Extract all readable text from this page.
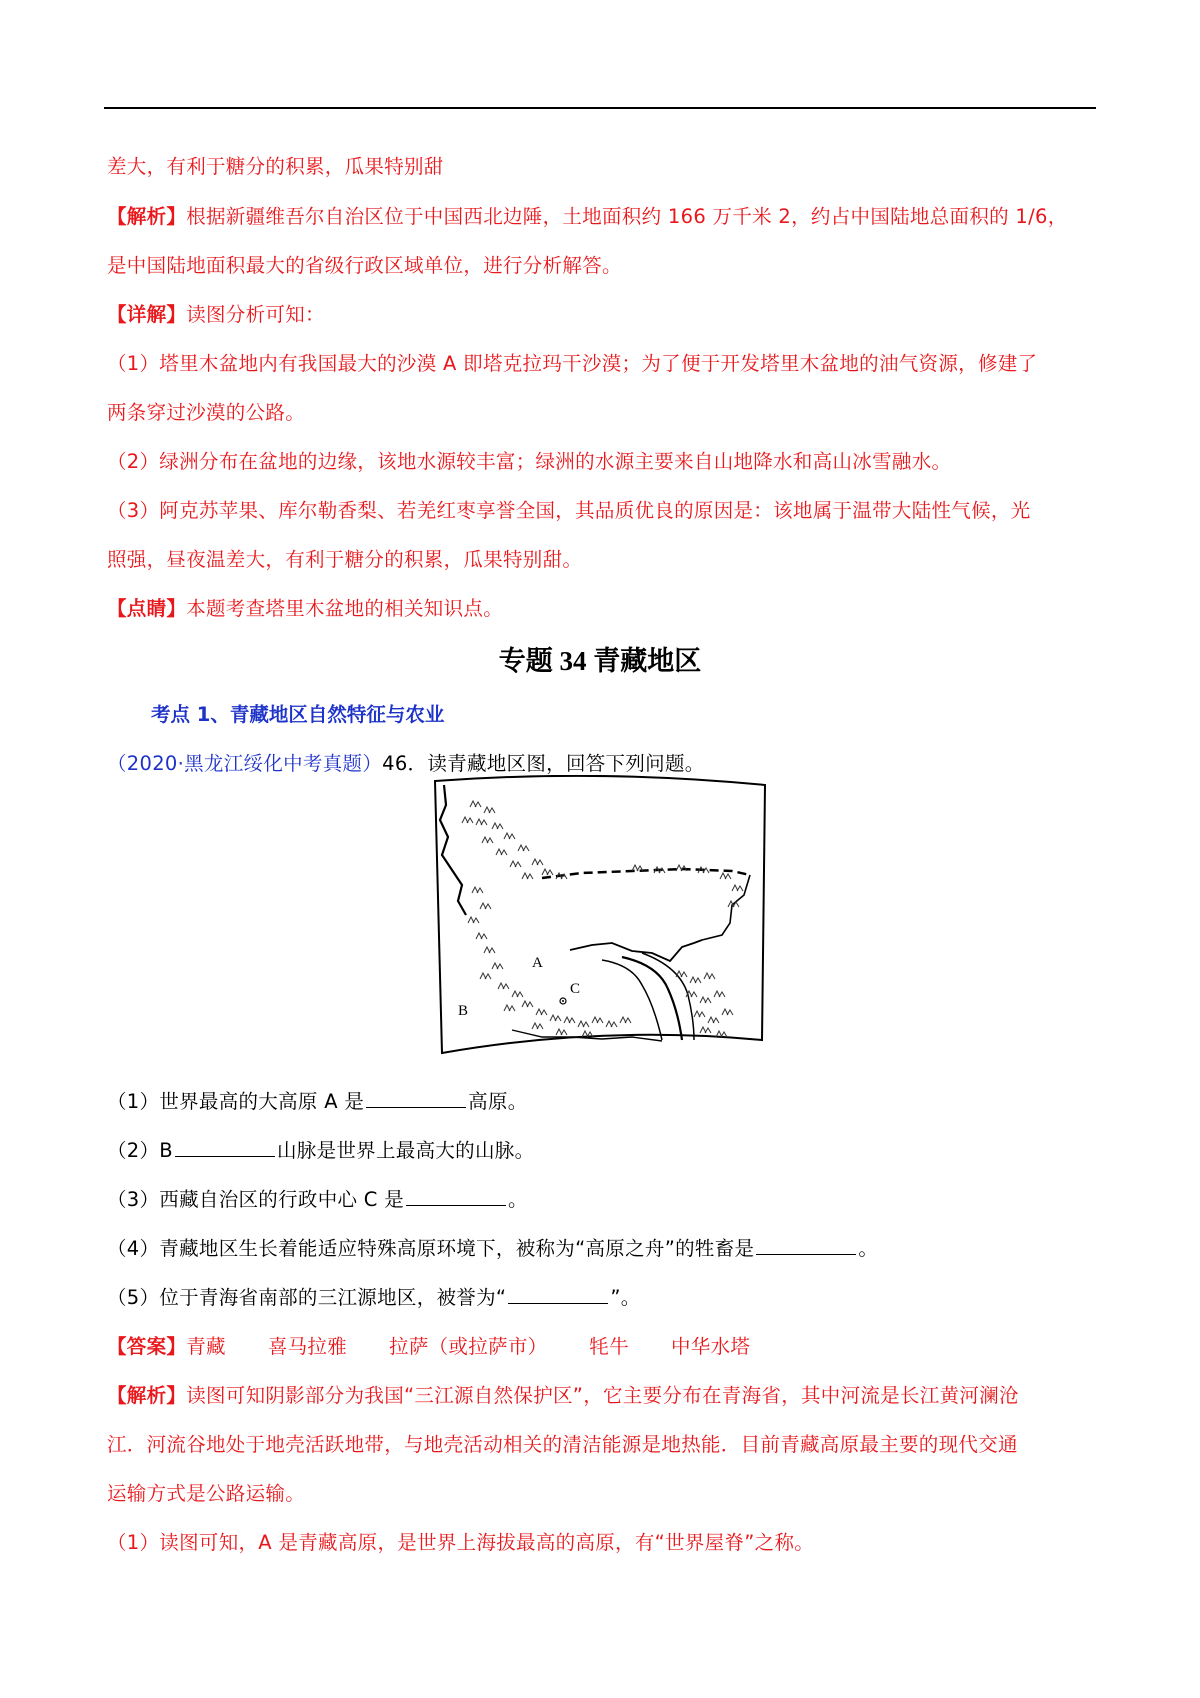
差大，有利于糖分的积累，瓜果特别甜
【解析】根据新疆维吾尔自治区位于中国西北边陲，土地面积约 166 万千米 2，约占中国陆地总面积的 1/6，
是中国陆地面积最大的省级行政区域单位，进行分析解答。
【详解】读图分析可知：
（1）塔里木盆地内有我国最大的沙漠 A 即塔克拉玛干沙漠；为了便于开发塔里木盆地的油气资源，修建了
两条穿过沙漠的公路。
（2）绿洲分布在盆地的边缘，该地水源较丰富；绿洲的水源主要来自山地降水和高山冰雪融水。
（3）阿克苏苹果、库尔勒香梨、若羌红枣享誉全国，其品质优良的原因是：该地属于温带大陆性气候，光
照强，昼夜温差大，有利于糖分的积累，瓜果特别甜。
【点睛】本题考查塔里木盆地的相关知识点。
专题 34 青藏地区
考点 1、青藏地区自然特征与农业
（2020·黑龙江绥化中考真题）46．读青藏地区图，回答下列问题。
A
B
C
（1）世界最高的大高原 A 是	高原。
（2）B	山脉是世界上最高大的山脉。
（3）西藏自治区的行政中心 C 是	。
（4）青藏地区生长着能适应特殊高原环境下，被称为“高原之舟”的牲畜是	。
（5）位于青海省南部的三江源地区，被誉为“	”。
【答案】青藏 喜马拉雅 拉萨（或拉萨市） 牦牛 中华水塔
【解析】读图可知阴影部分为我国“三江源自然保护区”，它主要分布在青海省，其中河流是长江黄河澜沧
江．河流谷地处于地壳活跃地带，与地壳活动相关的清洁能源是地热能．目前青藏高原最主要的现代交通
运输方式是公路运输。
（1）读图可知，A 是青藏高原，是世界上海拔最高的高原，有“世界屋脊”之称。
